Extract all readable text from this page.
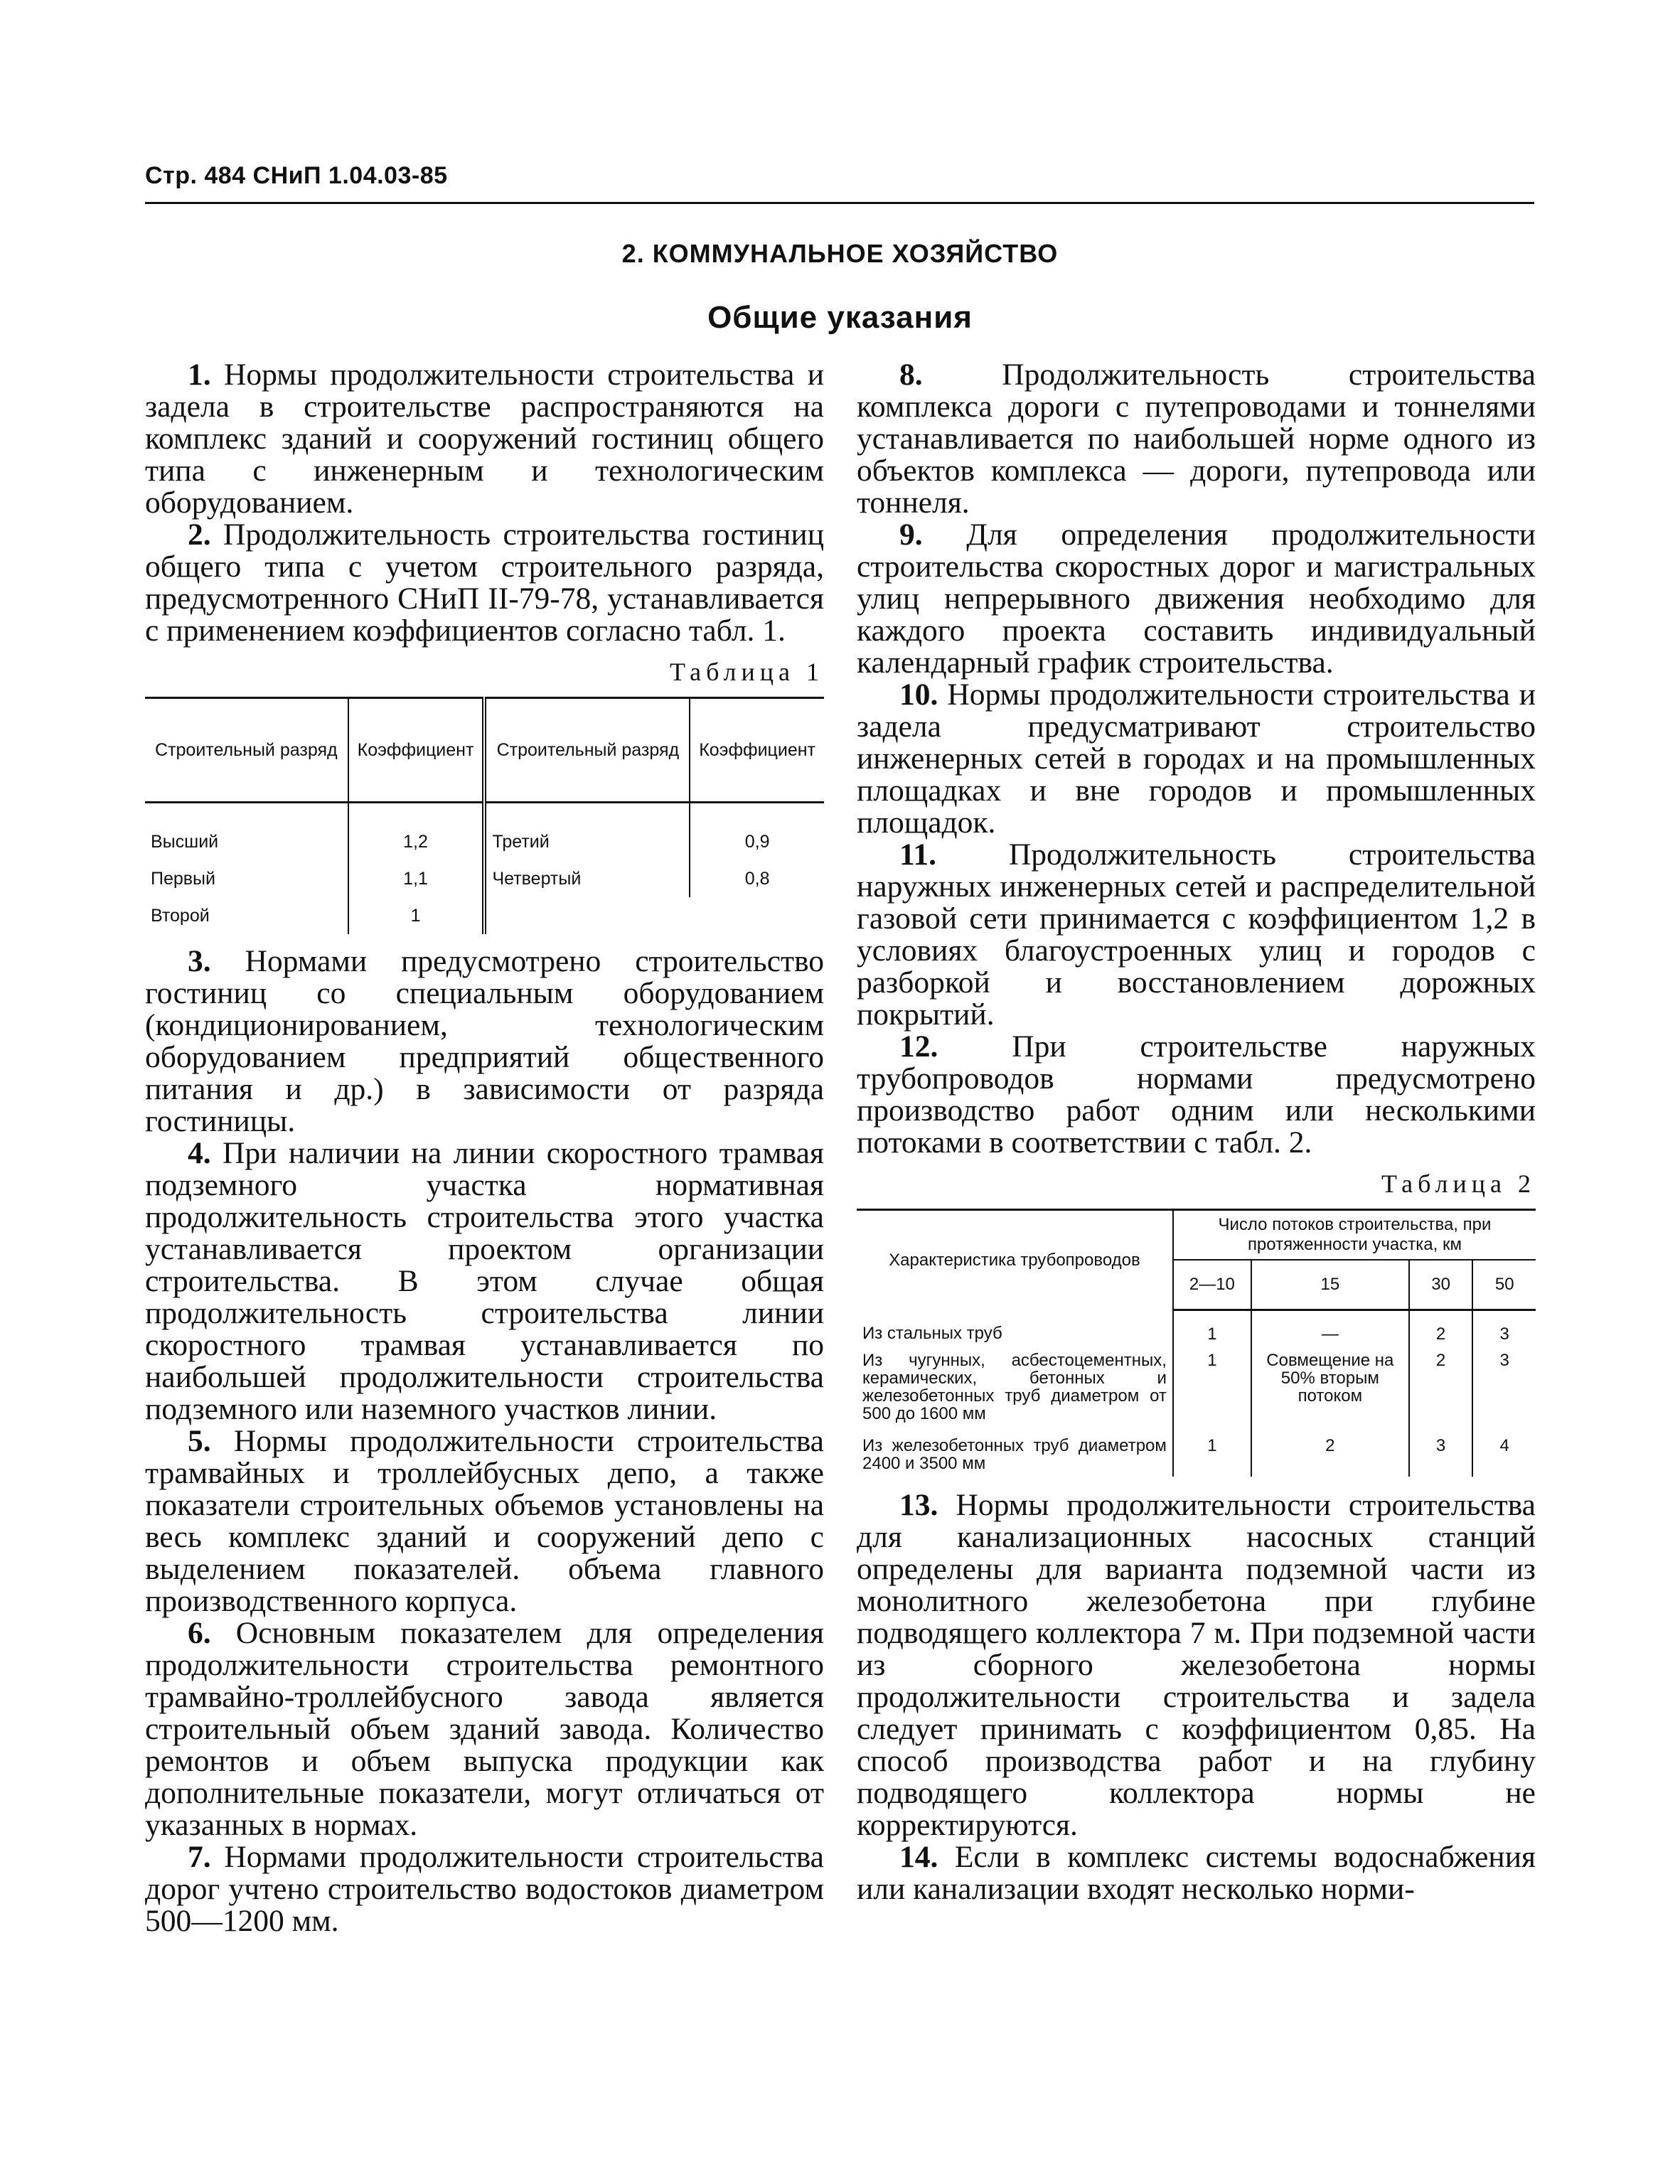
Стр. 484 СНиП 1.04.03-85
2. КОММУНАЛЬНОЕ ХОЗЯЙСТВО
Общие указания

1. Нормы продолжительности строительства и задела в строительстве распространяются на комплекс зданий и сооружений гостиниц общего типа с инженерным и технологическим оборудованием.

2. Продолжительность строительства гостиниц общего типа с учетом строительного разряда, предусмотренного СНиП II-79-78, устанавливается с применением коэффициентов согласно табл. 1.

Таблица 1
Строительный разряд	Коэффициент	Строительный разряд	Коэффициент
Высший	1,2	Третий	0,9
Первый	1,1	Четвертый	0,8
Второй	1		

3. Нормами предусмотрено строительство гостиниц со специальным оборудованием (кондиционированием, технологическим оборудованием предприятий общественного питания и др.) в зависимости от разряда гостиницы.

4. При наличии на линии скоростного трамвая подземного участка нормативная продолжительность строительства этого участка устанавливается проектом организации строительства. В этом случае общая продолжительность строительства линии скоростного трамвая устанавливается по наибольшей продолжительности строительства подземного или наземного участков линии.

5. Нормы продолжительности строительства трамвайных и троллейбусных депо, а также показатели строительных объемов установлены на весь комплекс зданий и сооружений депо с выделением показателей. объема главного производственного корпуса.

6. Основным показателем для определения продолжительности строительства ремонтного трамвайно-троллейбусного завода является строительный объем зданий завода. Количество ремонтов и объем выпуска продукции как дополнительные показатели, могут отличаться от указанных в нормах.

7. Нормами продолжительности строительства дорог учтено строительство водостоков диаметром 500—1200 мм.

8. Продолжительность строительства комплекса дороги с путепроводами и тоннелями устанавливается по наибольшей норме одного из объектов комплекса — дороги, путепровода или тоннеля.

9. Для определения продолжительности строительства скоростных дорог и магистральных улиц непрерывного движения необходимо для каждого проекта составить индивидуальный календарный график строительства.

10. Нормы продолжительности строительства и задела предусматривают строительство инженерных сетей в городах и на промышленных площадках и вне городов и промышленных площадок.

11. Продолжительность строительства наружных инженерных сетей и распределительной газовой сети принимается с коэффициентом 1,2 в условиях благоустроенных улиц и городов с разборкой и восстановлением дорожных покрытий.

12. При строительстве наружных трубопроводов нормами предусмотрено производство работ одним или несколькими потоками в соответствии с табл. 2.

Таблица 2
Характеристика трубопроводов	Число потоков строительства, при протяженности участка, км			
	2—10	15	30	50
Из стальных труб	1	—	2	3
Из чугунных, асбестоцементных, керамических, бетонных и железобетонных труб диаметром от 500 до 1600 мм	1	Совмещение на 50% вторым потоком	2	3
Из железобетонных труб диаметром 2400 и 3500 мм	1	2	3	4

13. Нормы продолжительности строительства для канализационных насосных станций определены для варианта подземной части из монолитного железобетона при глубине подводящего коллектора 7 м. При подземной части из сборного железобетона нормы продолжительности строительства и задела следует принимать с коэффициентом 0,85. На способ производства работ и на глубину подводящего коллектора нормы не корректируются.

14. Если в комплекс системы водоснабжения или канализации входят несколько норми-
